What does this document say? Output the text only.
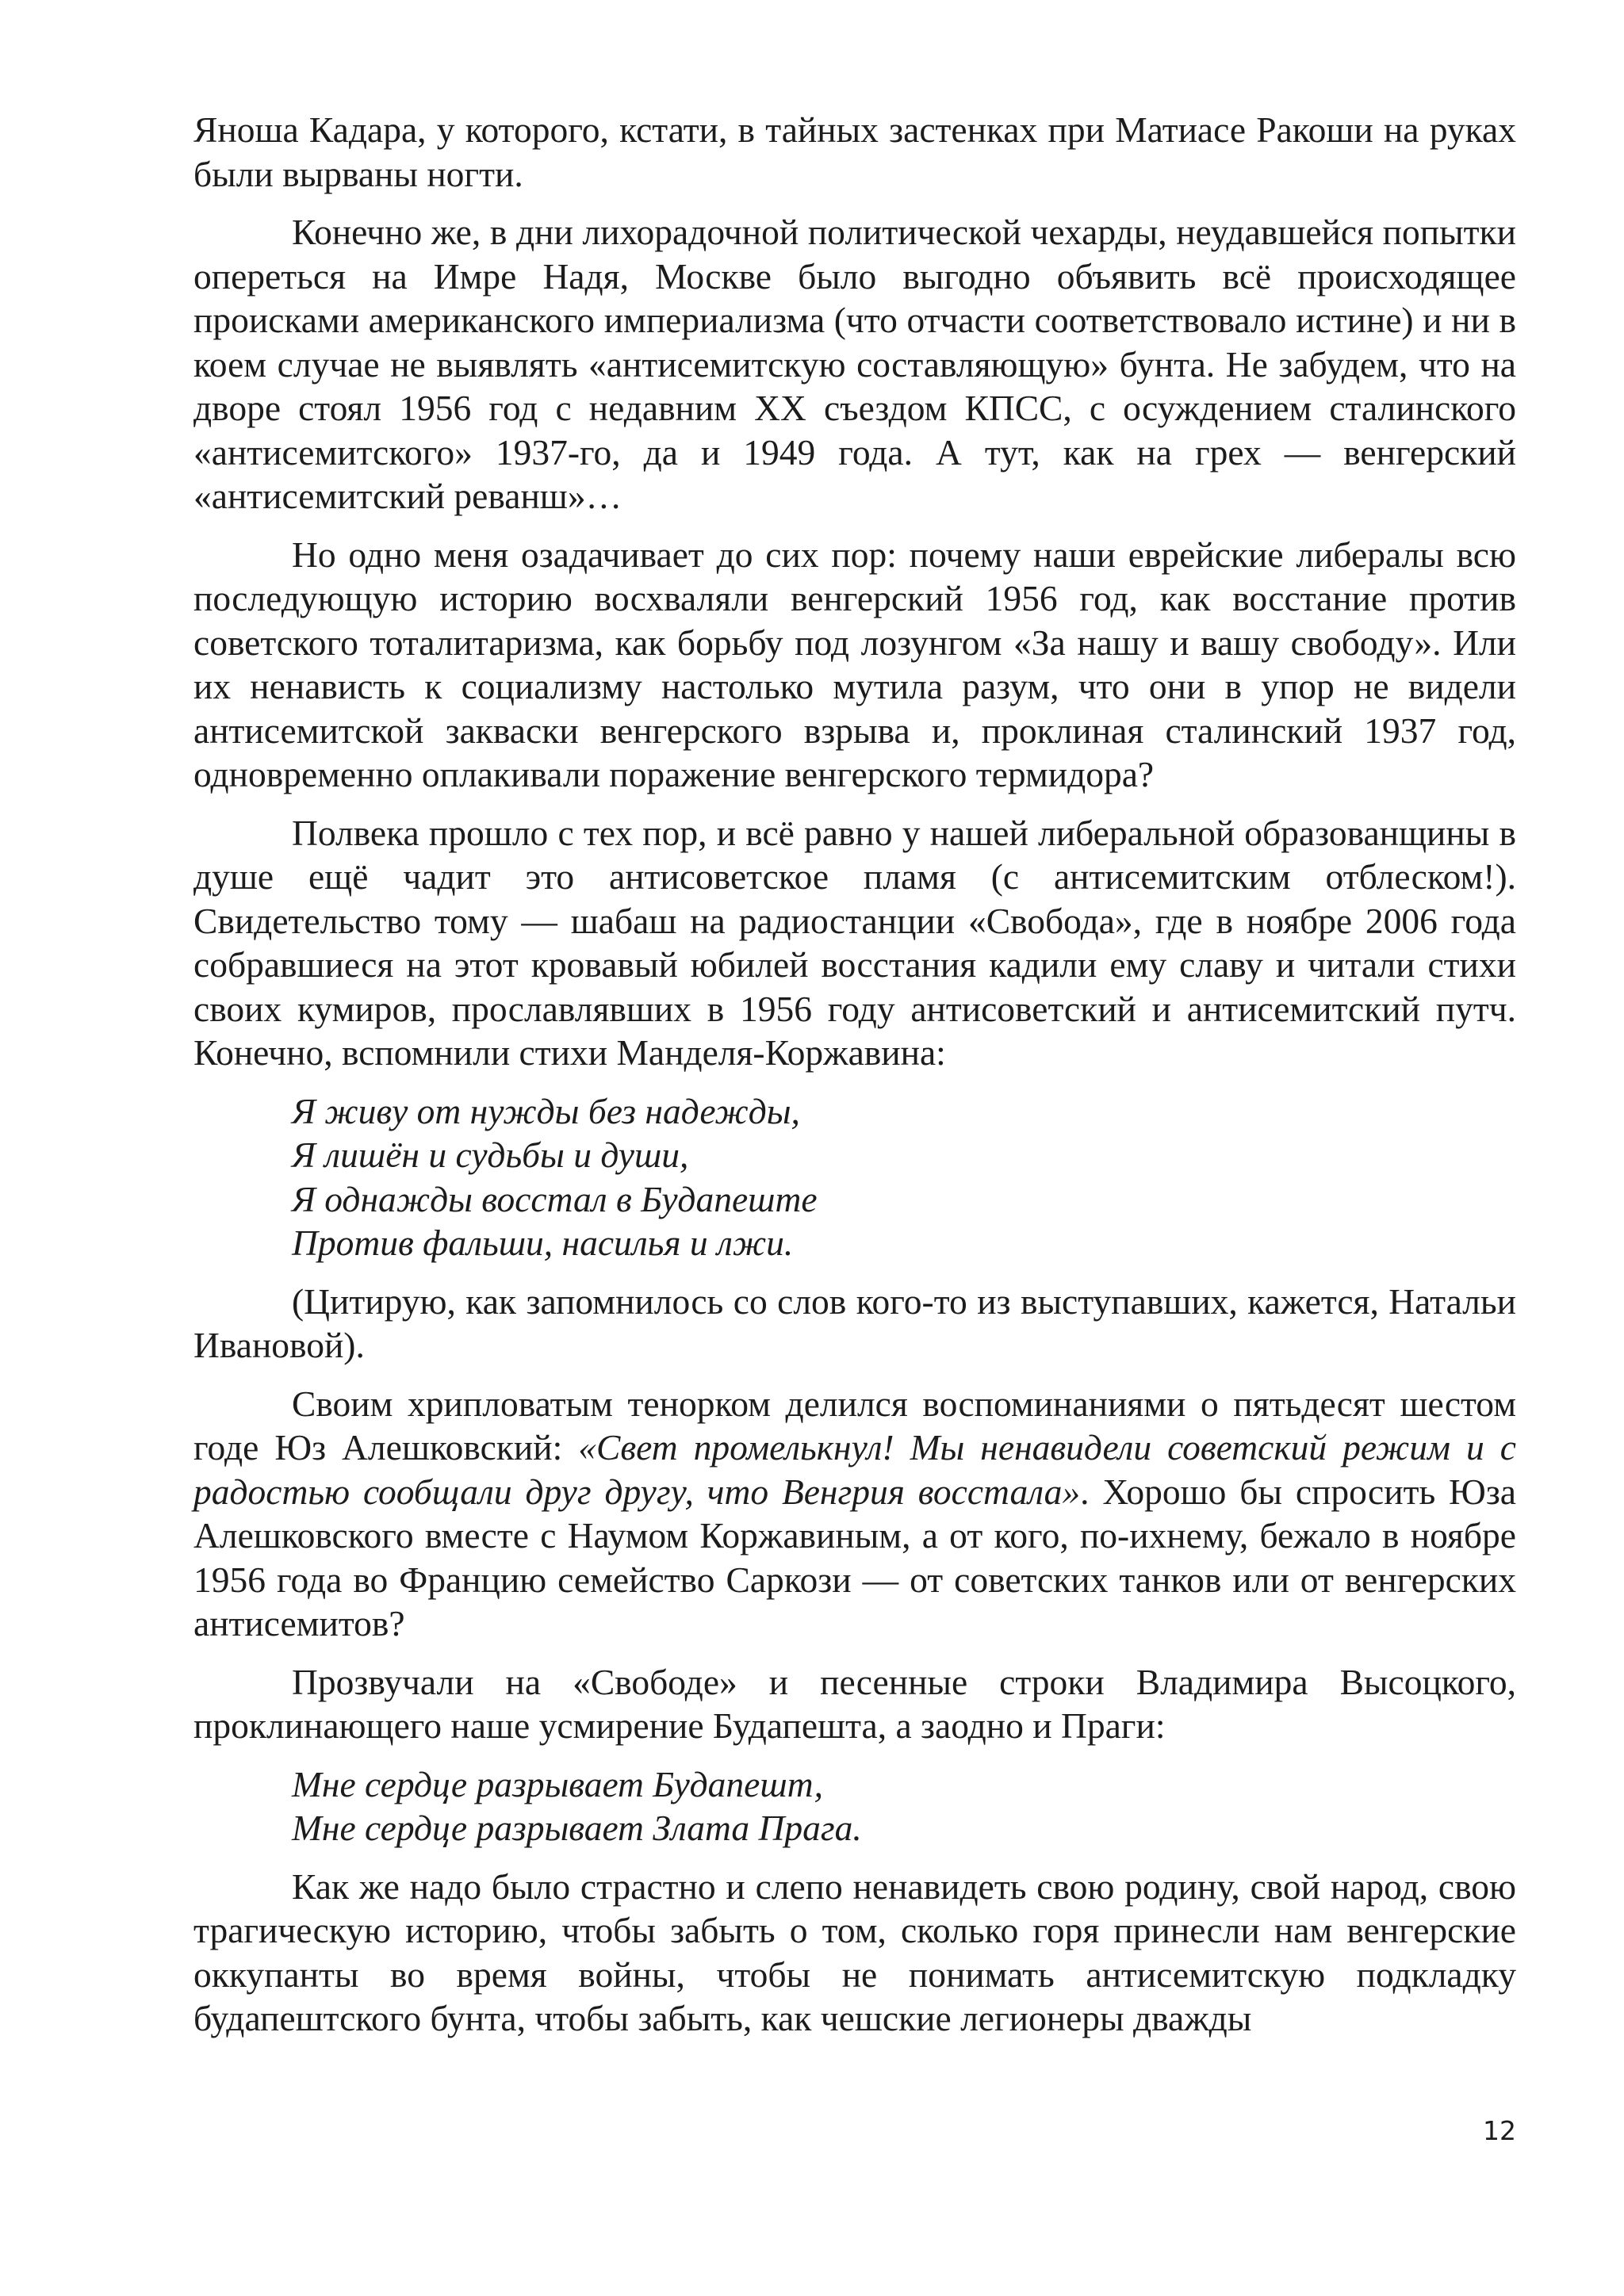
Яноша Кадара, у которого, кстати, в тайных застенках при Матиасе Ракоши на руках были вырваны ногти.

Конечно же, в дни лихорадочной политической чехарды, неудавшейся попытки опереться на Имре Надя, Москве было выгодно объявить всё происходящее происками американского империализма (что отчасти соответствовало истине) и ни в коем случае не выявлять «антисемитскую составляющую» бунта. Не забудем, что на дворе стоял 1956 год с недавним XX съездом КПСС, с осуждением сталинского «антисемитского» 1937-го, да и 1949 года. А тут, как на грех — венгерский «антисемитский реванш»…

Но одно меня озадачивает до сих пор: почему наши еврейские либералы всю последующую историю восхваляли венгерский 1956 год, как восстание против советского тоталитаризма, как борьбу под лозунгом «За нашу и вашу свободу». Или их ненависть к социализму настолько мутила разум, что они в упор не видели антисемитской закваски венгерского взрыва и, проклиная сталинский 1937 год, одновременно оплакивали поражение венгерского термидора?

Полвека прошло с тех пор, и всё равно у нашей либеральной образованщины в душе ещё чадит это антисоветское пламя (с антисемитским отблеском!). Свидетельство тому — шабаш на радиостанции «Свобода», где в ноябре 2006 года собравшиеся на этот кровавый юбилей восстания кадили ему славу и читали стихи своих кумиров, прославлявших в 1956 году антисоветский и антисемитский путч. Конечно, вспомнили стихи Манделя-Коржавина:

Я живу от нужды без надежды,
Я лишён и судьбы и души,
Я однажды восстал в Будапеште
Против фальши, насилья и лжи.

(Цитирую, как запомнилось со слов кого-то из выступавших, кажется, Натальи Ивановой).

Своим хрипловатым тенорком делился воспоминаниями о пятьдесят шестом годе Юз Алешковский: «Свет промелькнул! Мы ненавидели советский режим и с радостью сообщали друг другу, что Венгрия восстала». Хорошо бы спросить Юза Алешковского вместе с Наумом Коржавиным, а от кого, по-ихнему, бежало в ноябре 1956 года во Францию семейство Саркози — от советских танков или от венгерских антисемитов?

Прозвучали на «Свободе» и песенные строки Владимира Высоцкого, проклинающего наше усмирение Будапешта, а заодно и Праги:

Мне сердце разрывает Будапешт,
Мне сердце разрывает Злата Прага.

Как же надо было страстно и слепо ненавидеть свою родину, свой народ, свою трагическую историю, чтобы забыть о том, сколько горя принесли нам венгерские оккупанты во время войны, чтобы не понимать антисемитскую подкладку будапештского бунта, чтобы забыть, как чешские легионеры дважды

12
